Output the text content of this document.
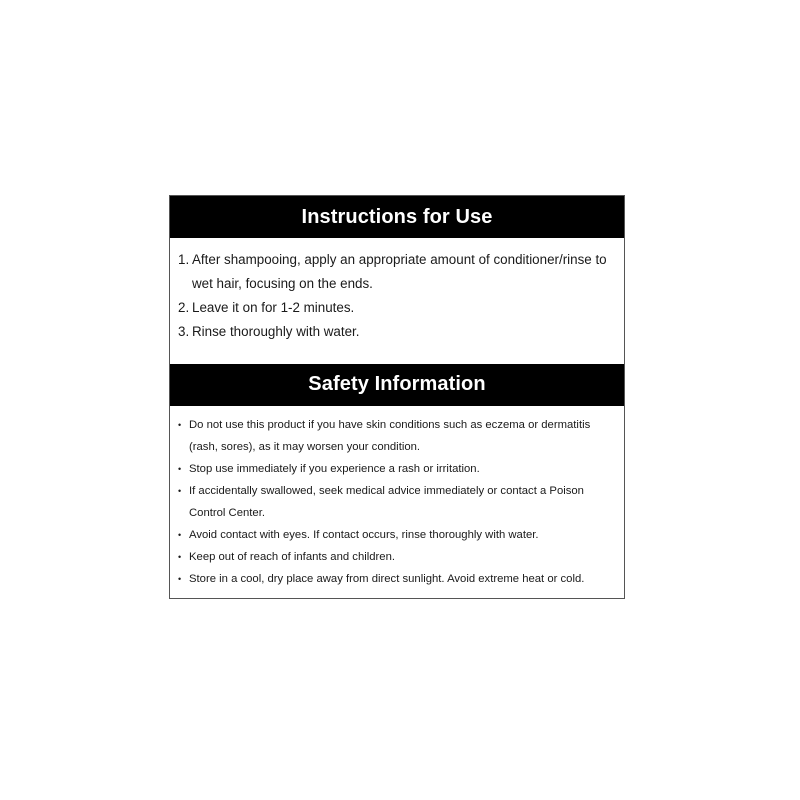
Instructions for Use
1. After shampooing, apply an appropriate amount of conditioner/rinse to wet hair, focusing on the ends.
2. Leave it on for 1-2 minutes.
3. Rinse thoroughly with water.
Safety Information
• Do not use this product if you have skin conditions such as eczema or dermatitis (rash, sores), as it may worsen your condition.
• Stop use immediately if you experience a rash or irritation.
• If accidentally swallowed, seek medical advice immediately or contact a Poison Control Center.
• Avoid contact with eyes. If contact occurs, rinse thoroughly with water.
• Keep out of reach of infants and children.
• Store in a cool, dry place away from direct sunlight. Avoid extreme heat or cold.
